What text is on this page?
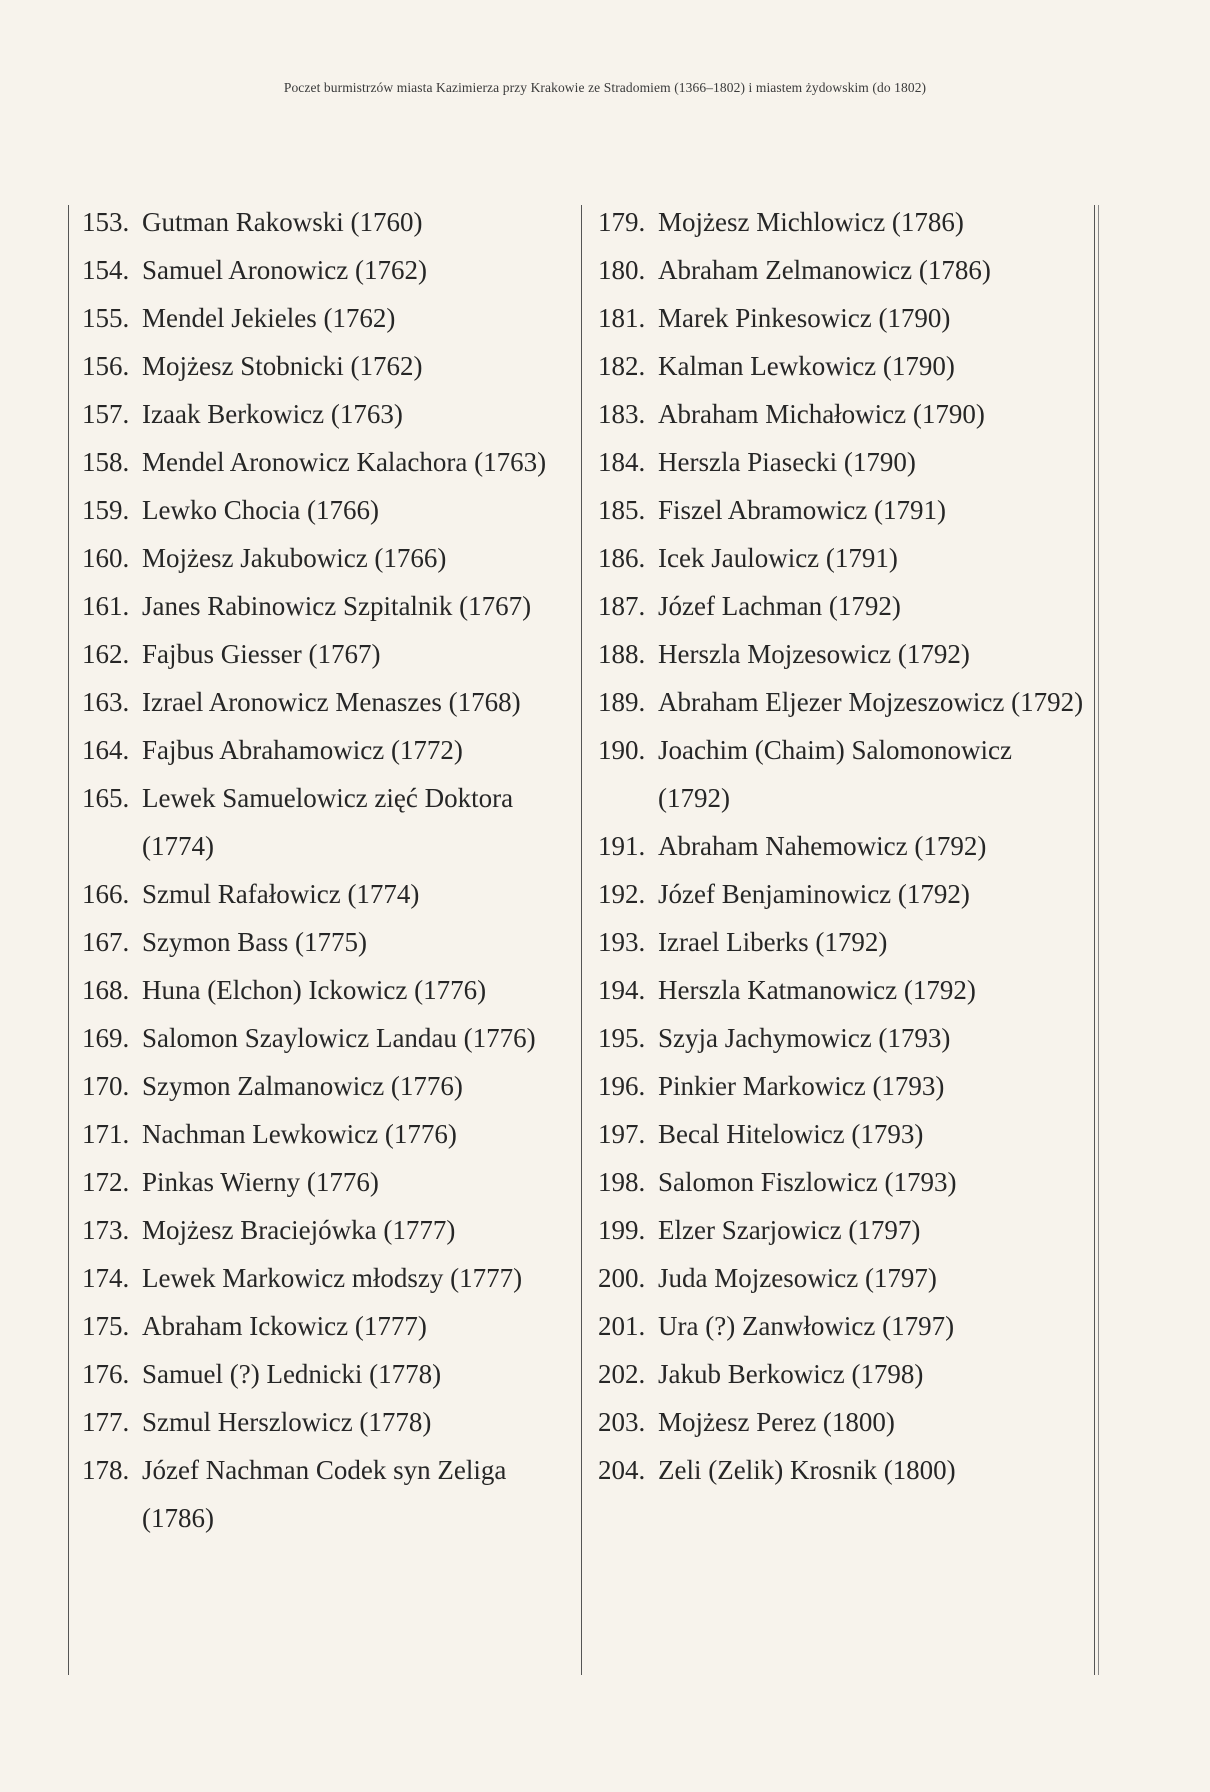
Poczet burmistrzów miasta Kazimierza przy Krakowie ze Stradomiem (1366–1802) i miastem żydowskim (do 1802)
153. Gutman Rakowski (1760)
154. Samuel Aronowicz (1762)
155. Mendel Jekieles (1762)
156. Mojżesz Stobnicki (1762)
157. Izaak Berkowicz (1763)
158. Mendel Aronowicz Kalachora (1763)
159. Lewko Chocia (1766)
160. Mojżesz Jakubowicz (1766)
161. Janes Rabinowicz Szpitalnik (1767)
162. Fajbus Giesser (1767)
163. Izrael Aronowicz Menaszes (1768)
164. Fajbus Abrahamowicz (1772)
165. Lewek Samuelowicz zięć Doktora (1774)
166. Szmul Rafałowicz (1774)
167. Szymon Bass (1775)
168. Huna (Elchon) Ickowicz (1776)
169. Salomon Szaylowicz Landau (1776)
170. Szymon Zalmanowicz (1776)
171. Nachman Lewkowicz (1776)
172. Pinkas Wierny (1776)
173. Mojżesz Braciejówka (1777)
174. Lewek Markowicz młodszy (1777)
175. Abraham Ickowicz (1777)
176. Samuel (?) Lednicki (1778)
177. Szmul Herszlowicz (1778)
178. Józef Nachman Codek syn Zeliga (1786)
179. Mojżesz Michlowicz (1786)
180. Abraham Zelmanowicz (1786)
181. Marek Pinkesowicz (1790)
182. Kalman Lewkowicz (1790)
183. Abraham Michałowicz (1790)
184. Herszla Piasecki (1790)
185. Fiszel Abramowicz (1791)
186. Icek Jaulowicz (1791)
187. Józef Lachman (1792)
188. Herszla Mojzesowicz (1792)
189. Abraham Eljezer Mojzeszowicz (1792)
190. Joachim (Chaim) Salomonowicz (1792)
191. Abraham Nahemowicz (1792)
192. Józef Benjaminowicz (1792)
193. Izrael Liberks (1792)
194. Herszla Katmanowicz (1792)
195. Szyja Jachymowicz (1793)
196. Pinkier Markowicz (1793)
197. Becal Hitelowicz (1793)
198. Salomon Fiszlowicz (1793)
199. Elzer Szarjowicz (1797)
200. Juda Mojzesowicz (1797)
201. Ura (?) Zanwłowicz (1797)
202. Jakub Berkowicz (1798)
203. Mojżesz Perez (1800)
204. Zeli (Zelik) Krosnik (1800)
